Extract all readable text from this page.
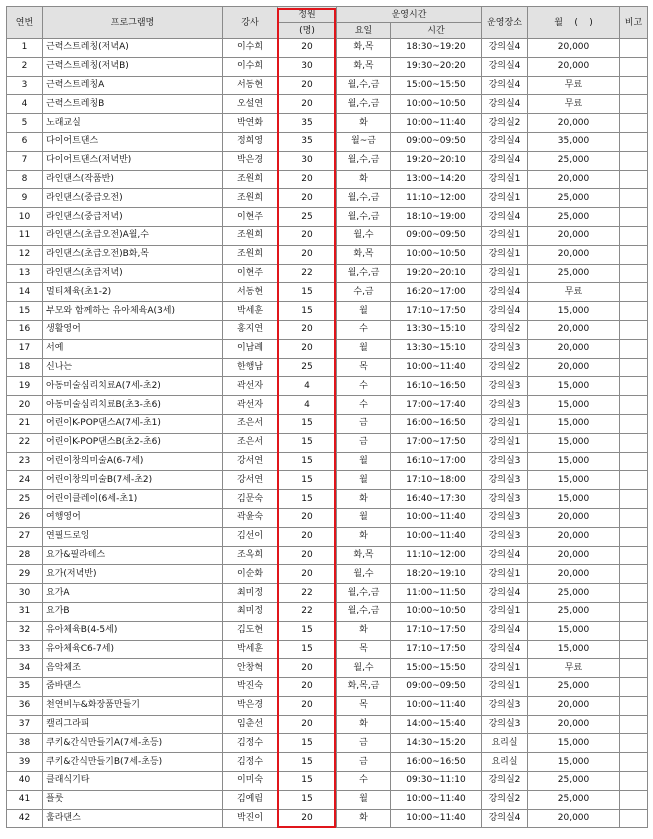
연번	프로그램명	강사	정원	운영시간		운영장소	월    (    )	비고
			(명)	요일	시간			
1	근력스트레칭(저녁A)	이수희	20	화,목	18:30~19:20	강의실4	20,000	
2	근력스트레칭(저녁B)	이수희	30	화,목	19:30~20:20	강의실4	20,000	
3	근력스트레칭A	서동현	20	월,수,금	15:00~15:50	강의실4	무료	
4	근력스트레칭B	오설연	20	월,수,금	10:00~10:50	강의실4	무료	
5	노래교실	박연화	35	화	10:00~11:40	강의실2	20,000	
6	다이어트댄스	정희영	35	월~금	09:00~09:50	강의실4	35,000	
7	다이어트댄스(저녁반)	박은경	30	월,수,금	19:20~20:10	강의실4	25,000	
8	라인댄스(작품반)	조원희	20	화	13:00~14:20	강의실1	20,000	
9	라인댄스(중급오전)	조원희	20	월,수,금	11:10~12:00	강의실1	25,000	
10	라인댄스(중급저녁)	이현주	25	월,수,금	18:10~19:00	강의실4	25,000	
11	라인댄스(초급오전)A월,수	조원희	20	월,수	09:00~09:50	강의실1	20,000	
12	라인댄스(초급오전)B화,목	조원희	20	화,목	10:00~10:50	강의실1	20,000	
13	라인댄스(초급저녁)	이현주	22	월,수,금	19:20~20:10	강의실1	25,000	
14	멀티체육(초1-2)	서동현	15	수,금	16:20~17:00	강의실4	무료	
15	부모와 함께하는 유아체육A(3세)	박세훈	15	월	17:10~17:50	강의실4	15,000	
16	생활영어	홍지연	20	수	13:30~15:10	강의실2	20,000	
17	서예	이남례	20	월	13:30~15:10	강의실3	20,000	
18	신나는	한행남	25	목	10:00~11:40	강의실2	20,000	
19	아동미술심리치료A(7세-초2)	곽선자	4	수	16:10~16:50	강의실3	15,000	
20	아동미술심리치료B(초3-초6)	곽선자	4	수	17:00~17:40	강의실3	15,000	
21	어린이K-POP댄스A(7세-초1)	조은서	15	금	16:00~16:50	강의실1	15,000	
22	어린이K-POP댄스B(초2-초6)	조은서	15	금	17:00~17:50	강의실1	15,000	
23	어린이창의미술A(6-7세)	강서연	15	월	16:10~17:00	강의실3	15,000	
24	어린이창의미술B(7세-초2)	강서연	15	월	17:10~18:00	강의실3	15,000	
25	어린이클레이(6세-초1)	김문숙	15	화	16:40~17:30	강의실3	15,000	
26	여행영어	곽윤숙	20	월	10:00~11:40	강의실3	20,000	
27	연필드로잉	김선이	20	화	10:00~11:40	강의실3	20,000	
28	요가&필라테스	조옥희	20	화,목	11:10~12:00	강의실4	20,000	
29	요가(저녁반)	이순화	20	월,수	18:20~19:10	강의실1	20,000	
30	요가A	최미정	22	월,수,금	11:00~11:50	강의실4	25,000	
31	요가B	최미정	22	월,수,금	10:00~10:50	강의실1	25,000	
32	유아체육B(4-5세)	김도현	15	화	17:10~17:50	강의실4	15,000	
33	유아체육C6-7세)	박세훈	15	목	17:10~17:50	강의실4	15,000	
34	음악체조	안창혁	20	월,수	15:00~15:50	강의실1	무료	
35	줌바댄스	박진숙	20	화,목,금	09:00~09:50	강의실1	25,000	
36	천연비누&화장품만들기	박은경	20	목	10:00~11:40	강의실3	20,000	
37	캘리그라피	임춘선	20	화	14:00~15:40	강의실3	20,000	
38	쿠키&간식만들기A(7세-초등)	김정수	15	금	14:30~15:20	요리실	15,000	
39	쿠키&간식만들기B(7세-초등)	김정수	15	금	16:00~16:50	요리실	15,000	
40	클래식기타	이미숙	15	수	09:30~11:10	강의실2	25,000	
41	플룻	김예림	15	월	10:00~11:40	강의실2	25,000	
42	훌라댄스	박진이	20	화	10:00~11:40	강의실4	20,000	
